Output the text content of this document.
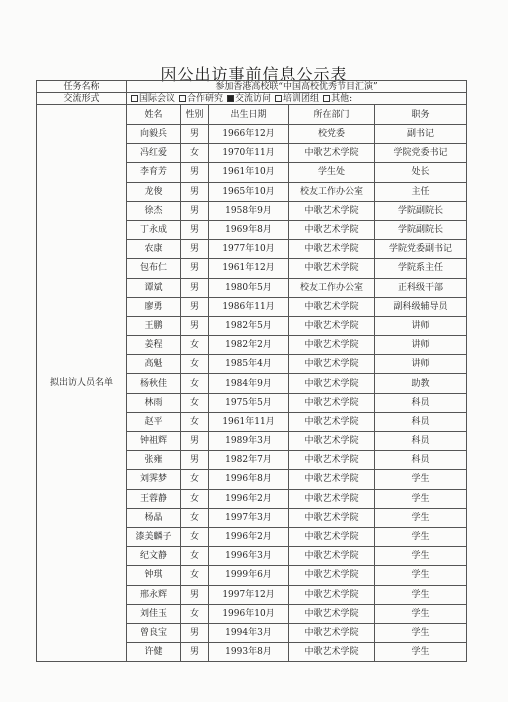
因公出访事前信息公示表
任务名称	参加香港高校联“中国高校优秀节目汇演”				
交流形式	国际会议 合作研究 交流访问 培训团组 其他:				
拟出访人员名单	姓名	性别	出生日期	所在部门	职务
	向毅兵	男	1966年12月	校党委	副书记
	冯红爱	女	1970年11月	中歌艺术学院	学院党委书记
	李育芳	男	1961年10月	学生处	处长
	龙俊	男	1965年10月	校友工作办公室	主任
	徐杰	男	1958年9月	中歌艺术学院	学院副院长
	丁永成	男	1969年8月	中歌艺术学院	学院副院长
	农康	男	1977年10月	中歌艺术学院	学院党委副书记
	包布仁	男	1961年12月	中歌艺术学院	学院系主任
	谭斌	男	1980年5月	校友工作办公室	正科级干部
	廖勇	男	1986年11月	中歌艺术学院	副科级辅导员
	王鹏	男	1982年5月	中歌艺术学院	讲师
	姜程	女	1982年2月	中歌艺术学院	讲师
	高魁	女	1985年4月	中歌艺术学院	讲师
	杨秋佳	女	1984年9月	中歌艺术学院	助教
	林雨	女	1975年5月	中歌艺术学院	科员
	赵平	女	1961年11月	中歌艺术学院	科员
	钟祖辉	男	1989年3月	中歌艺术学院	科员
	张雍	男	1982年7月	中歌艺术学院	科员
	刘霁梦	女	1996年8月	中歌艺术学院	学生
	王蓉静	女	1996年2月	中歌艺术学院	学生
	杨晶	女	1997年3月	中歌艺术学院	学生
	漆美麟子	女	1996年2月	中歌艺术学院	学生
	纪文静	女	1996年3月	中歌艺术学院	学生
	钟琪	女	1999年6月	中歌艺术学院	学生
	邢永辉	男	1997年12月	中歌艺术学院	学生
	刘佳玉	女	1996年10月	中歌艺术学院	学生
	曾良宝	男	1994年3月	中歌艺术学院	学生
	许健	男	1993年8月	中歌艺术学院	学生
